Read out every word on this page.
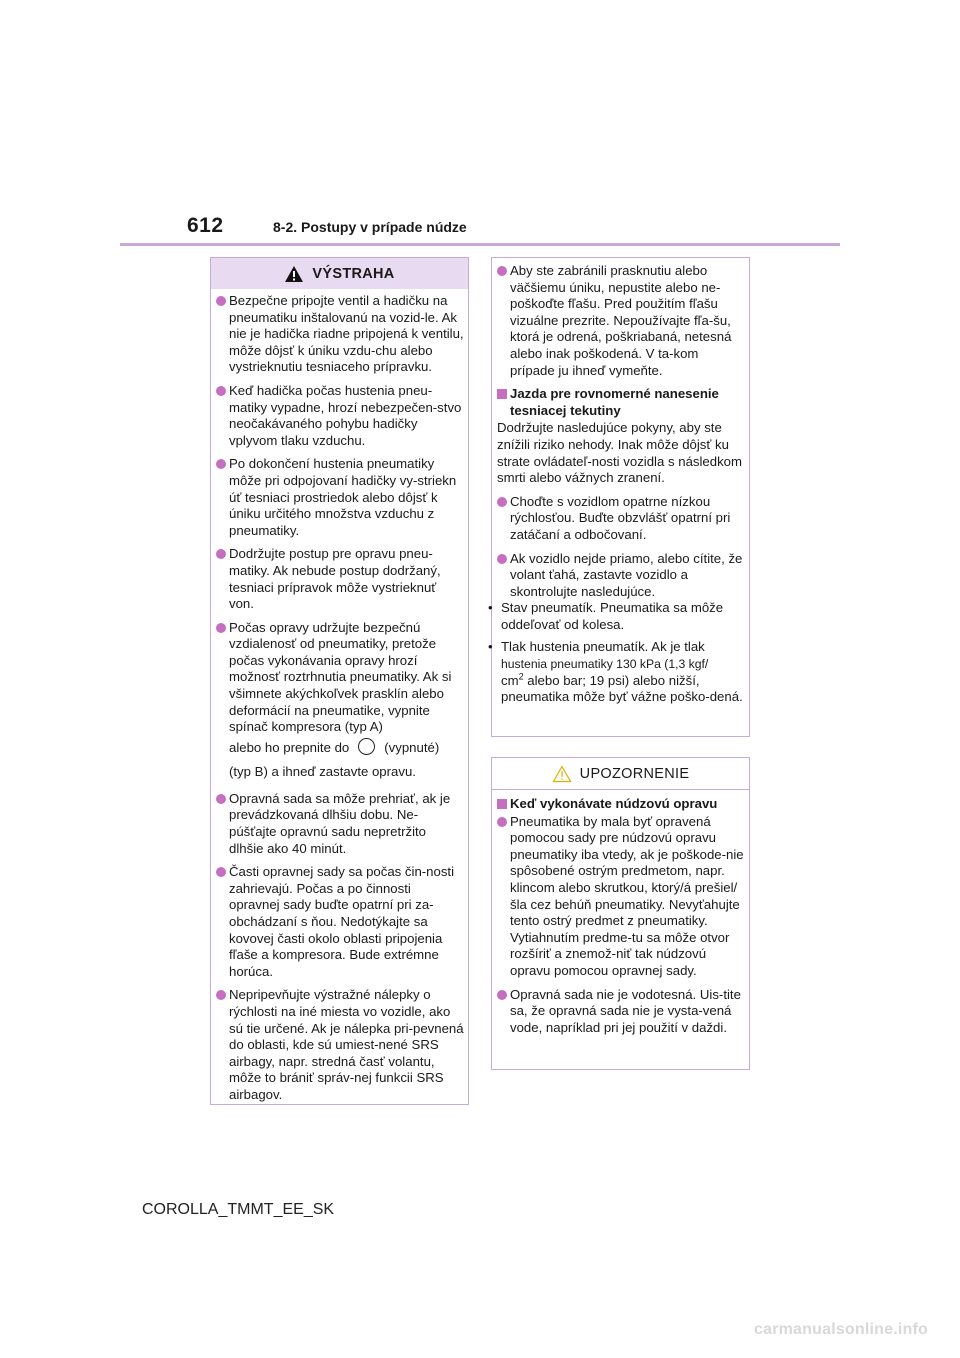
612	8-2. Postupy v prípade núdze
VÝSTRAHA
Bezpečne pripojte ventil a hadičku na pneumatiku inštalovanú na vozid-le. Ak nie je hadička riadne pripojená k ventilu, môže dôjsť k úniku vzdu-chu alebo vystrieknutiu tesniaceho prípravku.
Keď hadička počas hustenia pneu-matiky vypadne, hrozí nebezpečen-stvo neočakávaného pohybu hadičky vplyvom tlaku vzduchu.
Po dokončení hustenia pneumatiky môže pri odpojovaní hadičky vy-striekn úť tesniaci prostriedok alebo dôjsť k úniku určitého množstva vzduchu z pneumatiky.
Dodržujte postup pre opravu pneu-matiky. Ak nebude postup dodržaný, tesniaci prípravok môže vystrieknuť von.
Počas opravy udržujte bezpečnú vzdialenosť od pneumatiky, pretože počas vykonávania opravy hrozí možnosť roztrhnutia pneumatiky. Ak si všimnete akýchkoľvek prasklín alebo deformácií na pneumatike, vypnite spínač kompresora (typ A)
alebo ho prepnite do	(vypnuté)
(typ B) a ihneď zastavte opravu.
Opravná sada sa môže prehriať, ak je prevádzkovaná dlhšiu dobu. Ne-púšťajte opravnú sadu nepretržito dlhšie ako 40 minút.
Časti opravnej sady sa počas čin-nosti zahrievajú. Počas a po činnosti opravnej sady buďte opatrní pri za-obchádzaní s ňou. Nedotýkajte sa kovovej časti okolo oblasti pripojenia fľaše a kompresora. Bude extrémne horúca.
Nepripevňujte výstražné nálepky o rýchlosti na iné miesta vo vozidle, ako sú tie určené. Ak je nálepka pri-pevnená do oblasti, kde sú umiest-nené SRS airbagy, napr. stredná časť volantu, môže to brániť správ-nej funkcii SRS airbagov.
Aby ste zabránili prasknutiu alebo väčšiemu úniku, nepustite alebo ne-poškoďte fľašu. Pred použitím fľašu vizuálne prezrite. Nepoužívajte fľa-šu, ktorá je odrená, poškriabaná, netesná alebo inak poškodená. V ta-kom prípade ju ihneď vymeňte.
Jazda pre rovnomerné nanesenie tesniacej tekutiny
Dodržujte nasledujúce pokyny, aby ste znížili riziko nehody. Inak môže dôjsť ku strate ovládateľ-nosti vozidla s následkom smrti alebo vážnych zranení.
Choďte s vozidlom opatrne nízkou rýchlosťou. Buďte obzvlášť opatrní pri zatáčaní a odbočovaní.
Ak vozidlo nejde priamo, alebo cítite, že volant ťahá, zastavte vozidlo a skontrolujte nasledujúce.
• Stav pneumatík. Pneumatika sa môže oddeľovať od kolesa.
• Tlak hustenia pneumatík. Ak je tlak
hustenia pneumatiky 130 kPa (1,3 kgf/
$cm^2$ alebo bar; 19 psi) alebo nižší, pneumatika môže byť vážne poško-dená.
UPOZORNENIE
Keď vykonávate núdzovú opravu
Pneumatika by mala byť opravená pomocou sady pre núdzovú opravu pneumatiky iba vtedy, ak je poškode-nie spôsobené ostrým predmetom, napr. klincom alebo skrutkou, ktorý/á prešiel/šla cez behúň pneumatiky. Nevyťahujte tento ostrý predmet z pneumatiky. Vytiahnutím predme-tu sa môže otvor rozšíriť a znemož-niť tak núdzovú opravu pomocou opravnej sady.
Opravná sada nie je vodotesná. Uis-tite sa, že opravná sada nie je vysta-vená vode, napríklad pri jej použití v daždi.
COROLLA_TMMT_EE_SK
carmanualsonline.info
